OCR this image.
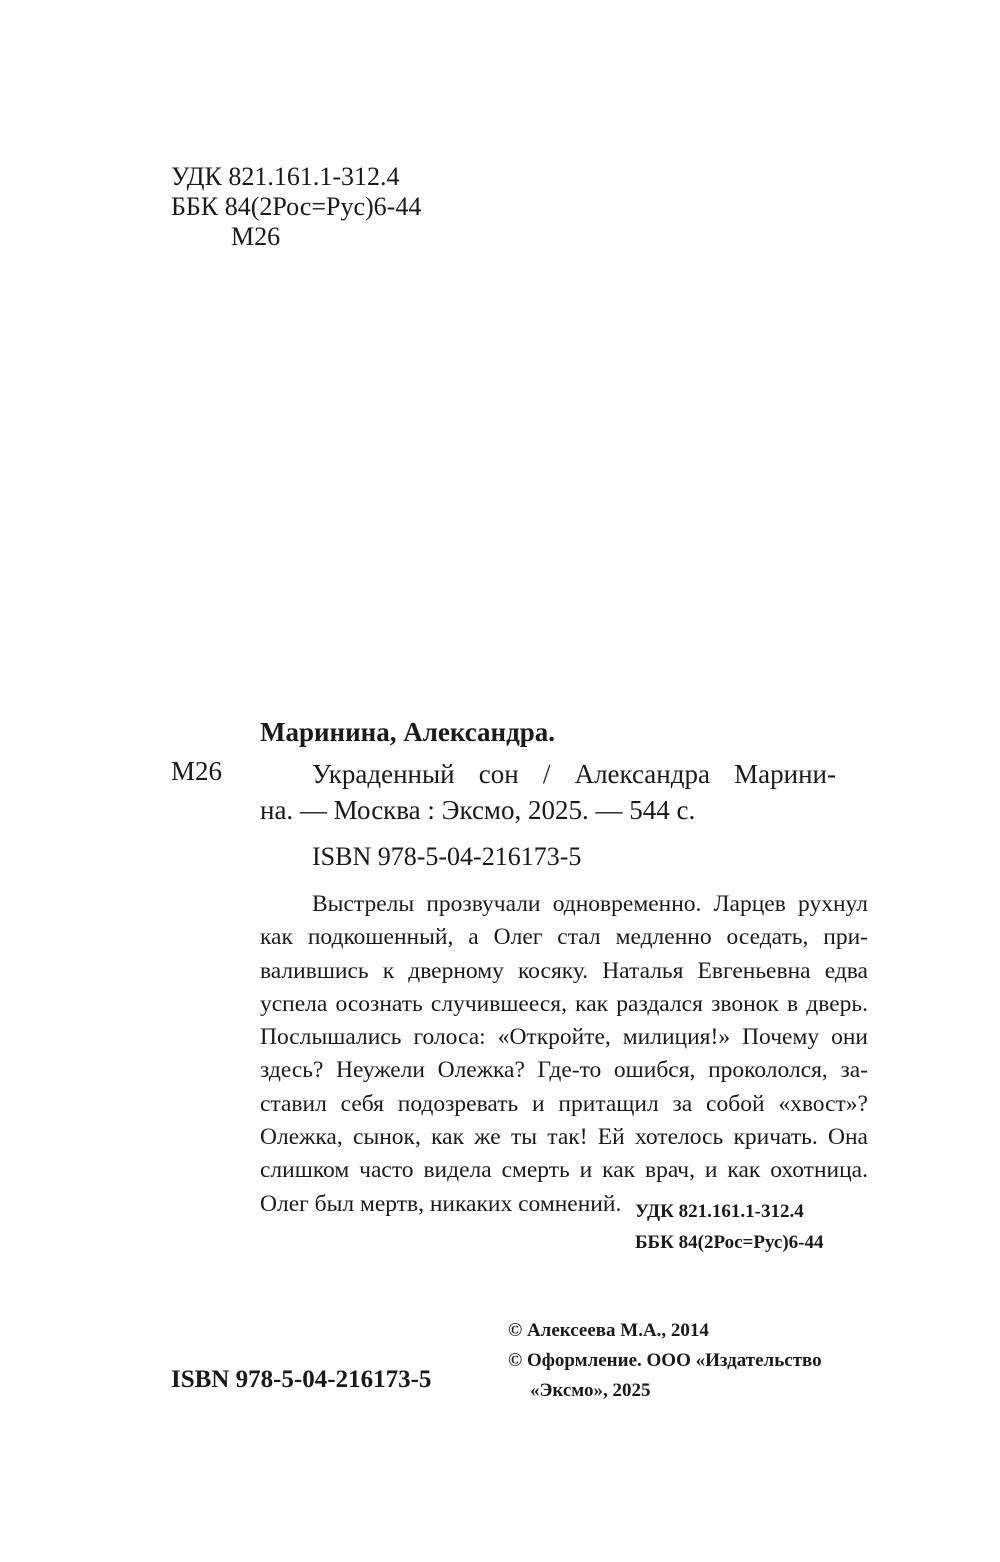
УДК 821.161.1-312.4
ББК 84(2Рос=Рус)6-44
М26
Маринина, Александра.
М26	Украденный сон / Александра Марини-
на. — Москва : Эксмо, 2025. — 544 с.
ISBN 978-5-04-216173-5
Выстрелы прозвучали одновременно. Ларцев рухнул
как подкошенный, а Олег стал медленно оседать, при-
валившись к дверному косяку. Наталья Евгеньевна едва
успела осознать случившееся, как раздался звонок в дверь.
Послышались голоса: «Откройте, милиция!» Почему они
здесь? Неужели Олежка? Где-то ошибся, прокололся, за-
ставил себя подозревать и притащил за собой «хвост»?
Олежка, сынок, как же ты так! Ей хотелось кричать. Она
слишком часто видела смерть и как врач, и как охотница.
Олег был мертв, никаких сомнений. УДК 821.161.1-312.4
ББК 84(2Рос=Рус)6-44
ISBN 978-5-04-216173-5
© Алексеева М.А., 2014
© Оформление. ООО «Издательство
«Эксмо», 2025
